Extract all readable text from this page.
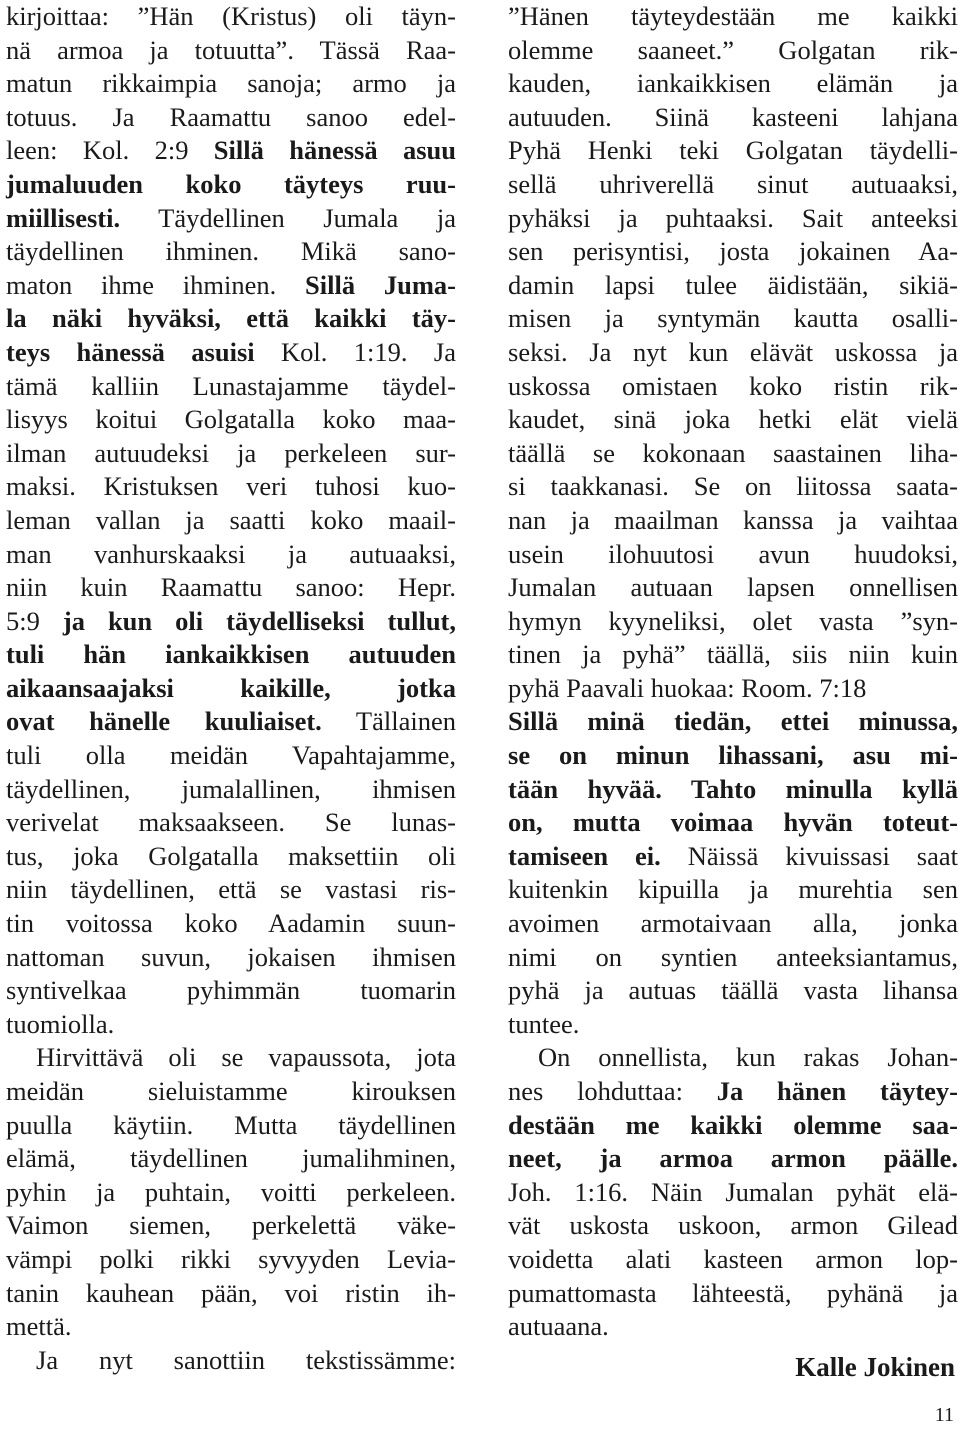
kirjoittaa: ”Hän (Kristus) oli täyn-
nä armoa ja totuutta”. Tässä Raa-
matun rikkaimpia sanoja; armo ja
totuus. Ja Raamattu sanoo edel-
leen: Kol. 2:9 Sillä hänessä asuu
jumaluuden koko täyteys ruu-
miillisesti. Täydellinen Jumala ja
täydellinen ihminen. Mikä sano-
maton ihme ihminen. Sillä Juma-
la näki hyväksi, että kaikki täy-
teys hänessä asuisi Kol. 1:19. Ja
tämä kalliin Lunastajamme täydel-
lisyys koitui Golgatalla koko maa-
ilman autuudeksi ja perkeleen sur-
maksi. Kristuksen veri tuhosi kuo-
leman vallan ja saatti koko maail-
man vanhurskaaksi ja autuaaksi,
niin kuin Raamattu sanoo: Hepr.
5:9 ja kun oli täydelliseksi tullut,
tuli hän iankaikkisen autuuden
aikaansaajaksi kaikille, jotka
ovat hänelle kuuliaiset. Tällainen
tuli olla meidän Vapahtajamme,
täydellinen, jumalallinen, ihmisen
verivelat maksaakseen. Se lunas-
tus, joka Golgatalla maksettiin oli
niin täydellinen, että se vastasi ris-
tin voitossa koko Aadamin suun-
nattoman suvun, jokaisen ihmisen
syntivelkaa pyhimmän tuomarin
tuomiolla.
Hirvittävä oli se vapaussota, jota
meidän sieluistamme kirouksen
puulla käytiin. Mutta täydellinen
elämä, täydellinen jumalihminen,
pyhin ja puhtain, voitti perkeleen.
Vaimon siemen, perkelettä väke-
vämpi polki rikki syvyyden Levia-
tanin kauhean pään, voi ristin ih-
mettä.
Ja nyt sanottiin tekstissämme:
”Hänen täyteydestään me kaikki
olemme saaneet.” Golgatan rik-
kauden, iankaikkisen elämän ja
autuuden. Siinä kasteeni lahjana
Pyhä Henki teki Golgatan täydelli-
sellä uhriverellä sinut autuaaksi,
pyhäksi ja puhtaaksi. Sait anteeksi
sen perisyntisi, josta jokainen Aa-
damin lapsi tulee äidistään, sikiä-
misen ja syntymän kautta osalli-
seksi. Ja nyt kun elävät uskossa ja
uskossa omistaen koko ristin rik-
kaudet, sinä joka hetki elät vielä
täällä se kokonaan saastainen liha-
si taakkanasi. Se on liitossa saata-
nan ja maailman kanssa ja vaihtaa
usein ilohuutosi avun huudoksi,
Jumalan autuaan lapsen onnellisen
hymyn kyyneliksi, olet vasta ”syn-
tinen ja pyhä” täällä, siis niin kuin
pyhä Paavali huokaa: Room. 7:18
Sillä minä tiedän, ettei minussa,
se on minun lihassani, asu mi-
tään hyvää. Tahto minulla kyllä
on, mutta voimaa hyvän toteut-
tamiseen ei. Näissä kivuissasi saat
kuitenkin kipuilla ja murehtia sen
avoimen armotaivaan alla, jonka
nimi on syntien anteeksiantamus,
pyhä ja autuas täällä vasta lihansa
tuntee.
On onnellista, kun rakas Johan-
nes lohduttaa: Ja hänen täytey-
destään me kaikki olemme saa-
neet, ja armoa armon päälle.
Joh. 1:16. Näin Jumalan pyhät elä-
vät uskosta uskoon, armon Gilead
voidetta alati kasteen armon lop-
pumattomasta lähteestä, pyhänä ja
autuaana.
Kalle Jokinen
11
